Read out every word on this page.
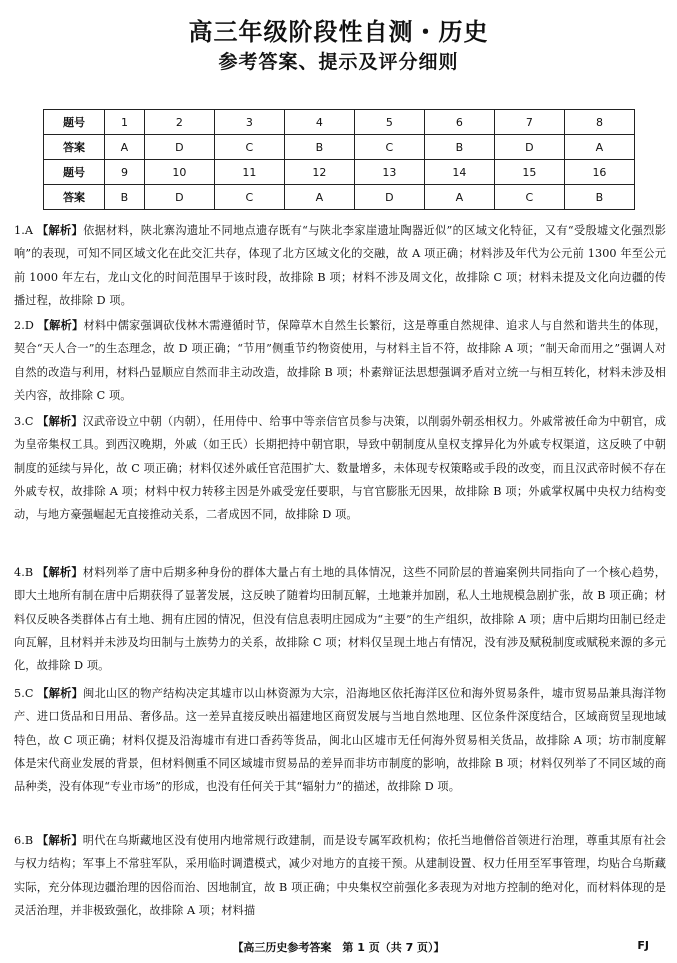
高三年级阶段性自测・历史
参考答案、提示及评分细则
题号	1	2	3	4	5	6	7	8
答案	A	D	C	B	C	B	D	A
题号	9	10	11	12	13	14	15	16
答案	B	D	C	A	D	A	C	B
1.A 【解析】依据材料，陕北寨沟遗址不同地点遗存既有“与陕北李家崖遗址陶器近似”的区域文化特征，又有“受殷墟文化强烈影响”的表现，可知不同区域文化在此交汇共存，体现了北方区域文化的交融，故 A 项正确；材料涉及年代为公元前 1300 年至公元前 1000 年左右，龙山文化的时间范围早于该时段，故排除 B 项；材料不涉及周文化，故排除 C 项；材料未提及文化向边疆的传播过程，故排除 D 项。
2.D 【解析】材料中儒家强调砍伐林木需遵循时节，保障草木自然生长繁衍，这是尊重自然规律、追求人与自然和谐共生的体现，契合“天人合一”的生态理念，故 D 项正确；“节用”侧重节约物资使用，与材料主旨不符，故排除 A 项；“制天命而用之”强调人对自然的改造与利用，材料凸显顺应自然而非主动改造，故排除 B 项；朴素辩证法思想强调矛盾对立统一与相互转化，材料未涉及相关内容，故排除 C 项。
3.C 【解析】汉武帝设立中朝（内朝），任用侍中、给事中等亲信官员参与决策，以削弱外朝丞相权力。外戚常被任命为中朝官，成为皇帝集权工具。到西汉晚期，外戚（如王氏）长期把持中朝官职，导致中朝制度从皇权支撑异化为外戚专权渠道，这反映了中朝制度的延续与异化，故 C 项正确；材料仅述外戚任官范围扩大、数量增多，未体现专权策略或手段的改变，而且汉武帝时候不存在外戚专权，故排除 A 项；材料中权力转移主因是外戚受宠任要职，与官官膨胀无因果，故排除 B 项；外戚掌权属中央权力结构变动，与地方豪强崛起无直接推动关系，二者成因不同，故排除 D 项。
4.B 【解析】材料列举了唐中后期多种身份的群体大量占有土地的具体情况，这些不同阶层的普遍案例共同指向了一个核心趋势，即大土地所有制在唐中后期获得了显著发展，这反映了随着均田制瓦解，土地兼并加剧，私人土地规模急剧扩张，故 B 项正确；材料仅反映各类群体占有土地、拥有庄园的情况，但没有信息表明庄园成为“主要”的生产组织，故排除 A 项；唐中后期均田制已经走向瓦解，且材料并未涉及均田制与土族势力的关系，故排除 C 项；材料仅呈现土地占有情况，没有涉及赋税制度或赋税来源的多元化，故排除 D 项。
5.C 【解析】闽北山区的物产结构决定其墟市以山林资源为大宗，沿海地区依托海洋区位和海外贸易条件，墟市贸易品兼具海洋物产、进口货品和日用品、奢侈品。这一差异直接反映出福建地区商贸发展与当地自然地理、区位条件深度结合，区域商贸呈现地域特色，故 C 项正确；材料仅提及沿海墟市有进口香药等货品，闽北山区墟市无任何海外贸易相关货品，故排除 A 项；坊市制度解体是宋代商业发展的背景，但材料侧重不同区域墟市贸易品的差异而非坊市制度的影响，故排除 B 项；材料仅列举了不同区域的商品种类，没有体现“专业市场”的形成，也没有任何关于其“辐射力”的描述，故排除 D 项。
6.B 【解析】明代在乌斯藏地区没有使用内地常规行政建制，而是设专属军政机构；依托当地僧俗首领进行治理，尊重其原有社会与权力结构；军事上不常驻军队，采用临时调遣模式，减少对地方的直接干预。从建制设置、权力任用至军事管理，均贴合乌斯藏实际，充分体现边疆治理的因俗而治、因地制宜，故 B 项正确；中央集权空前强化多表现为对地方控制的绝对化，而材料体现的是灵活治理，并非极致强化，故排除 A 项；材料描
【高三历史参考答案　第 1 页（共 7 页）】	FJ
